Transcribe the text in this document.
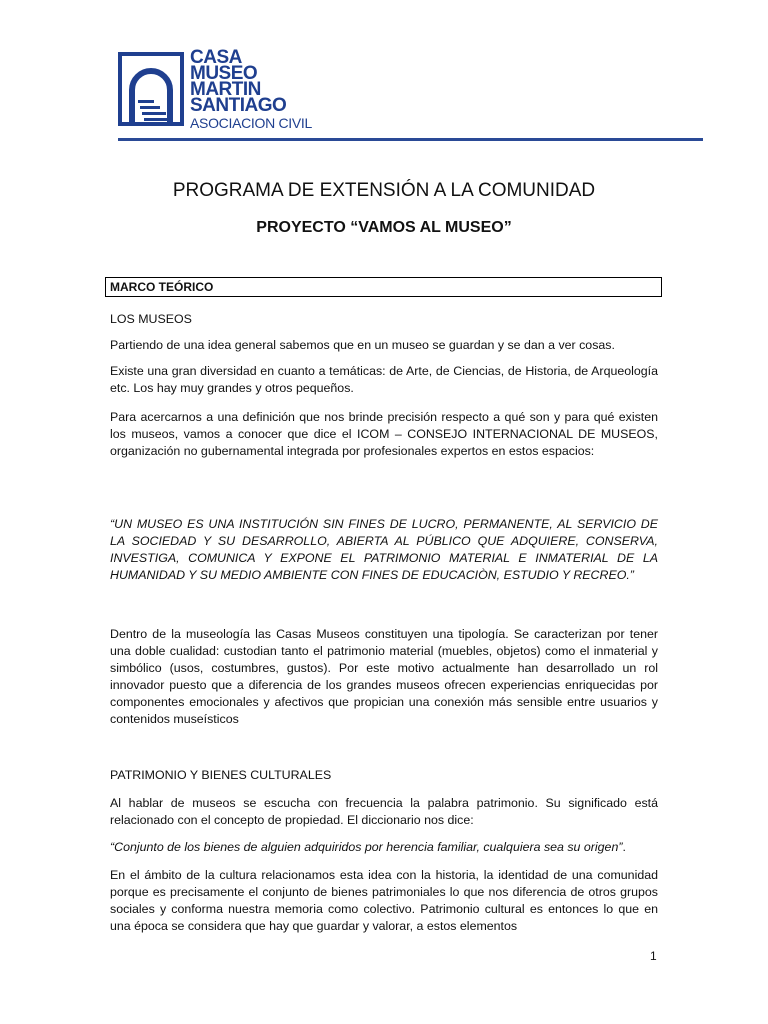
CASA
MUSEO
MARTIN
SANTIAGO
ASOCIACION CIVIL
PROGRAMA DE EXTENSIÓN A LA COMUNIDAD
PROYECTO “VAMOS AL MUSEO”
MARCO TEÓRICO
LOS MUSEOS
Partiendo de una idea general sabemos que en un museo se guardan y se dan a ver cosas.
Existe una gran diversidad en cuanto a temáticas: de Arte, de Ciencias, de Historia, de Arqueología etc. Los hay muy grandes y otros pequeños.
Para acercarnos a una definición que nos brinde precisión respecto a qué son y para qué existen los museos, vamos a conocer que dice el ICOM – CONSEJO INTERNACIONAL DE MUSEOS, organización no gubernamental integrada por profesionales expertos en estos espacios:
“UN MUSEO ES UNA INSTITUCIÓN SIN FINES DE LUCRO, PERMANENTE, AL SERVICIO DE LA SOCIEDAD Y SU DESARROLLO, ABIERTA AL PÚBLICO QUE ADQUIERE, CONSERVA, INVESTIGA, COMUNICA Y EXPONE EL PATRIMONIO MATERIAL E INMATERIAL DE LA HUMANIDAD Y SU MEDIO AMBIENTE CON FINES DE EDUCACIÒN, ESTUDIO Y RECREO.”
Dentro de la museología las Casas Museos constituyen una tipología. Se caracterizan por tener una doble cualidad: custodian tanto el patrimonio material (muebles, objetos) como el inmaterial y simbólico (usos, costumbres, gustos). Por este motivo actualmente han desarrollado un rol innovador puesto que a diferencia de los grandes museos ofrecen experiencias enriquecidas por componentes emocionales y afectivos que propician una conexión más sensible entre usuarios y contenidos museísticos
PATRIMONIO Y BIENES CULTURALES
Al hablar de museos se escucha con frecuencia la palabra patrimonio. Su significado está relacionado con el concepto de propiedad. El diccionario nos dice:
“Conjunto de los bienes de alguien adquiridos por herencia familiar, cualquiera sea su origen”.
En el ámbito de la cultura relacionamos esta idea con la historia, la identidad de una comunidad porque es precisamente el conjunto de bienes patrimoniales lo que nos diferencia de otros grupos sociales y conforma nuestra memoria como colectivo. Patrimonio cultural es entonces lo que en una época se considera que hay que guardar y valorar, a estos elementos
1
